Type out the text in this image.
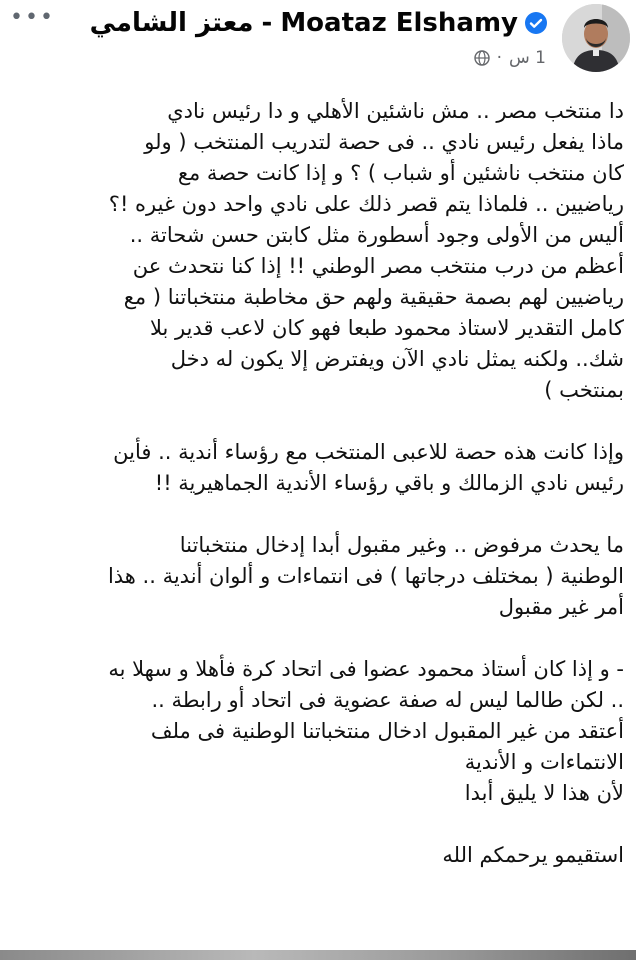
••• معتز الشامي - Moataz Elshamy
1 س
·
دا منتخب مصر .. مش ناشئين الأهلي و دا رئيس نادي
ماذا يفعل رئيس نادي .. فى حصة لتدريب المنتخب ( ولو
كان منتخب ناشئين أو شباب ) ؟ و إذا كانت حصة مع
رياضيين .. فلماذا يتم قصر ذلك على نادي واحد دون غيره !؟
أليس من الأولى وجود أسطورة مثل كابتن حسن شحاتة ..
أعظم من درب منتخب مصر الوطني !! إذا كنا نتحدث عن
رياضيين لهم بصمة حقيقية ولهم حق مخاطبة منتخباتنا ( مع
كامل التقدير لاستاذ محمود طبعا فهو كان لاعب قدير بلا
شك.. ولكنه يمثل نادي الآن ويفترض إلا يكون له دخل
بمنتخب )
وإذا كانت هذه حصة للاعبى المنتخب مع رؤساء أندية .. فأين
رئيس نادي الزمالك و باقي رؤساء الأندية الجماهيرية !!
ما يحدث مرفوض .. وغير مقبول أبدا إدخال منتخباتنا
الوطنية ( بمختلف درجاتها ) فى انتماءات و ألوان أندية .. هذا
أمر غير مقبول
- و إذا كان أستاذ محمود عضوا فى اتحاد كرة فأهلا و سهلا به
.. لكن طالما ليس له صفة عضوية فى اتحاد أو رابطة ..
أعتقد من غير المقبول ادخال منتخباتنا الوطنية فى ملف
الانتماءات و الأندية
لأن هذا لا يليق أبدا

استقيمو يرحمكم الله
